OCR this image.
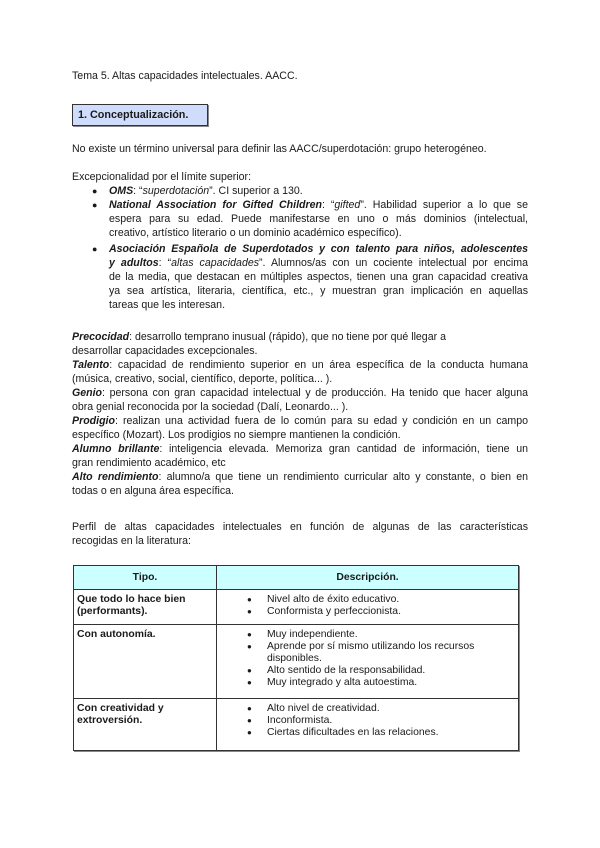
Tema 5. Altas capacidades intelectuales. AACC.
1. Conceptualización.
No existe un término universal para definir las AACC/superdotación: grupo heterogéneo.
Excepcionalidad por el límite superior:
● OMS: “superdotación”. CI superior a 130.
● National Association for Gifted Children: “gifted”. Habilidad superior a lo que se
espera para su edad. Puede manifestarse en uno o más dominios (intelectual,
creativo, artístico literario o un dominio académico específico).
● Asociación Española de Superdotados y con talento para niños, adolescentes
y adultos: “altas capacidades”. Alumnos/as con un cociente intelectual por encima
de la media, que destacan en múltiples aspectos, tienen una gran capacidad creativa
ya sea artística, literaria, científica, etc., y muestran gran implicación en aquellas
tareas que les interesan.
Precocidad: desarrollo temprano inusual (rápido), que no tiene por qué llegar a
desarrollar capacidades excepcionales.
Talento: capacidad de rendimiento superior en un área específica de la conducta humana
(música, creativo, social, científico, deporte, política... ).
Genio: persona con gran capacidad intelectual y de producción. Ha tenido que hacer alguna
obra genial reconocida por la sociedad (Dalí, Leonardo... ).
Prodigio: realizan una actividad fuera de lo común para su edad y condición en un campo
específico (Mozart). Los prodigios no siempre mantienen la condición.
Alumno brillante: inteligencia elevada. Memoriza gran cantidad de información, tiene un
gran rendimiento académico, etc
Alto rendimiento: alumno/a que tiene un rendimiento curricular alto y constante, o bien en
todas o en alguna área específica.
Perfil de altas capacidades intelectuales en función de algunas de las características
recogidas en la literatura:
Tipo.	Descripción.

Que todo lo hace bien
(performants).

● Nivel alto de éxito educativo.
● Conformista y perfeccionista.

Con autonomía.

●Muy independiente.
● Aprende por sí mismo utilizando los recursos disponibles.
● Alto sentido de la responsabilidad.
● Muy integrado y alta autoestima.

Con creatividad y
extroversión.

● Alto nivel de creatividad.
● Inconformista.
● Ciertas dificultades en las relaciones.
